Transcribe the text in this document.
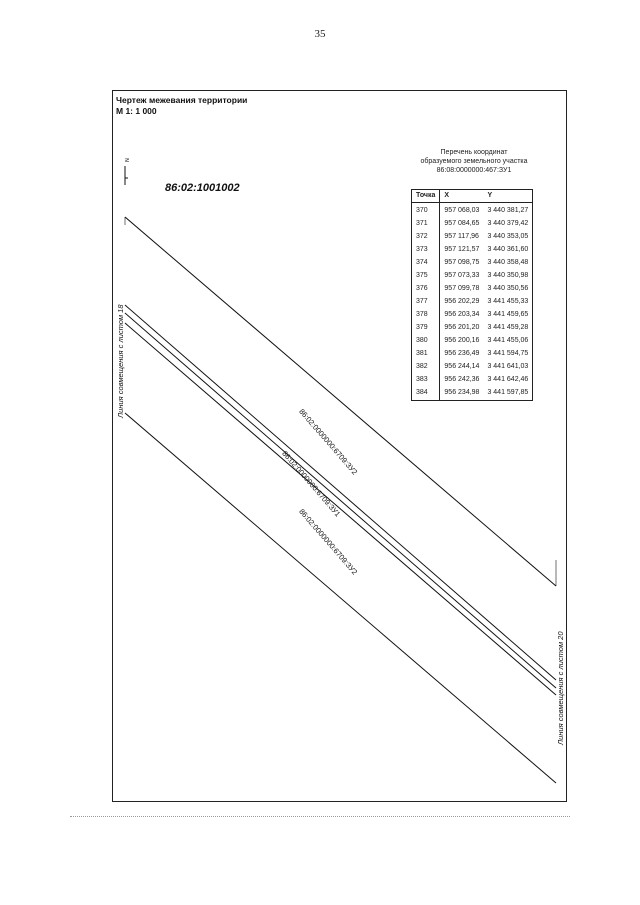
35
Чертеж межевания территории
М 1: 1 000
N
86:02:1001002
Перечень координат
образуемого земельного участка
86:08:0000000:467:ЗУ1
Точка	X	Y
370	957 068,03	3 440 381,27
371	957 084,65	3 440 379,42
372	957 117,96	3 440 353,05
373	957 121,57	3 440 361,60
374	957 098,75	3 440 358,48
375	957 073,33	3 440 350,98
376	957 099,78	3 440 350,56
377	956 202,29	3 441 455,33
378	956 203,34	3 441 459,65
379	956 201,20	3 441 459,28
380	956 200,16	3 441 455,06
381	956 236,49	3 441 594,75
382	956 244,14	3 441 641,03
383	956 242,36	3 441 642,46
384	956 234,98	3 441 597,85
86:02:0000000:6709:ЗУ2
86:02:0000000:6709:ЗУ1
86:02:0000000:6709:ЗУ2
Линия совмещения с листом 18
Линия совмещения с листом 20
